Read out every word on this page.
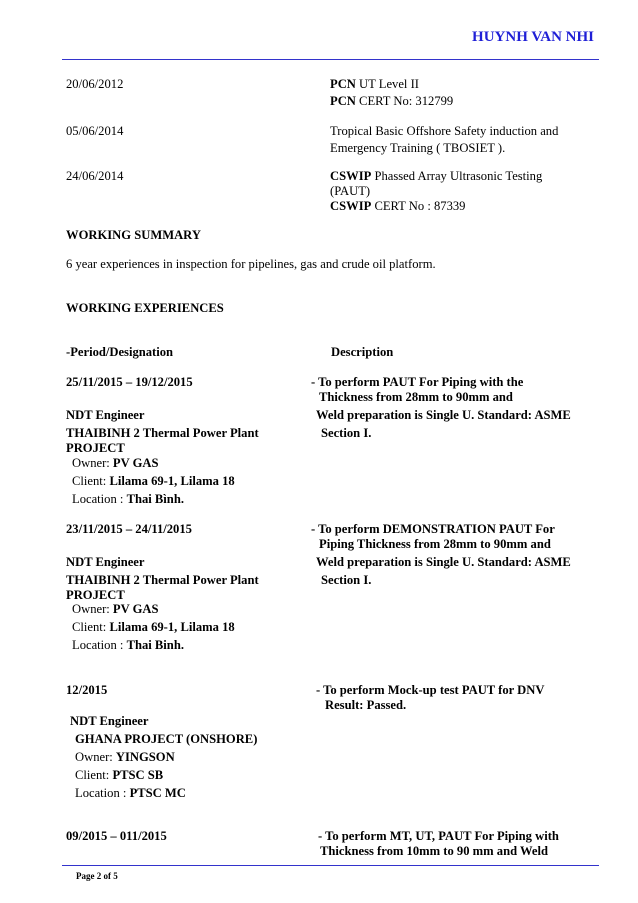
HUYNH VAN NHI
20/06/2012	PCN UT Level II
PCN CERT No: 312799
05/06/2014	Tropical Basic Offshore Safety induction and
Emergency Training ( TBOSIET ).
24/06/2014	CSWIP Phassed Array Ultrasonic Testing
(PAUT)
CSWIP CERT No : 87339
WORKING SUMMARY
6 year experiences in inspection for pipelines, gas and crude oil platform.
WORKING EXPERIENCES
-Period/Designation	Description
25/11/2015 – 19/12/2015	- To perform PAUT For Piping with the
Thickness from 28mm to 90mm and
NDT Engineer	Weld preparation is Single U. Standard: ASME
THAIBINH 2 Thermal Power Plant	Section I.
PROJECT
Owner: PV GAS
Client: Lilama 69-1, Lilama 18
Location : Thai Bình.
23/11/2015 – 24/11/2015	- To perform DEMONSTRATION PAUT For
Piping Thickness from 28mm to 90mm and
NDT Engineer	Weld preparation is Single U. Standard: ASME
THAIBINH 2 Thermal Power Plant	Section I.
PROJECT
Owner: PV GAS
Client: Lilama 69-1, Lilama 18
Location : Thai Binh.
12/2015	- To perform Mock-up test PAUT for DNV
Result: Passed.
NDT Engineer
GHANA PROJECT (ONSHORE)
Owner: YINGSON
Client: PTSC SB
Location : PTSC MC
09/2015 – 011/2015	- To perform MT, UT, PAUT For Piping with
Thickness from 10mm to 90 mm and Weld
Page 2 of 5
